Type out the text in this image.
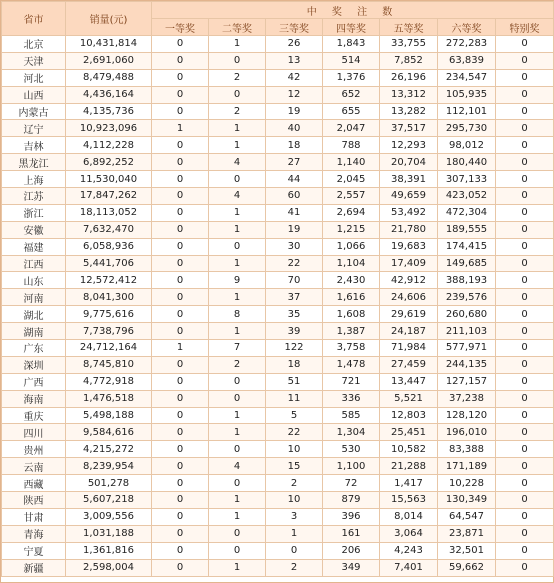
省市	销量(元)	中 奖 注 数						
		一等奖	二等奖	三等奖	四等奖	五等奖	六等奖	特别奖
北京	10,431,814	0	1	26	1,843	33,755	272,283	0
天津	2,691,060	0	0	13	514	7,852	63,839	0
河北	8,479,488	0	2	42	1,376	26,196	234,547	0
山西	4,436,164	0	0	12	652	13,312	105,935	0
内蒙古	4,135,736	0	2	19	655	13,282	112,101	0
辽宁	10,923,096	1	1	40	2,047	37,517	295,730	0
吉林	4,112,228	0	1	18	788	12,293	98,012	0
黑龙江	6,892,252	0	4	27	1,140	20,704	180,440	0
上海	11,530,040	0	0	44	2,045	38,391	307,133	0
江苏	17,847,262	0	4	60	2,557	49,659	423,052	0
浙江	18,113,052	0	1	41	2,694	53,492	472,304	0
安徽	7,632,470	0	1	19	1,215	21,780	189,555	0
福建	6,058,936	0	0	30	1,066	19,683	174,415	0
江西	5,441,706	0	1	22	1,104	17,409	149,685	0
山东	12,572,412	0	9	70	2,430	42,912	388,193	0
河南	8,041,300	0	1	37	1,616	24,606	239,576	0
湖北	9,775,616	0	8	35	1,608	29,619	260,680	0
湖南	7,738,796	0	1	39	1,387	24,187	211,103	0
广东	24,712,164	1	7	122	3,758	71,984	577,971	0
深圳	8,745,810	0	2	18	1,478	27,459	244,135	0
广西	4,772,918	0	0	51	721	13,447	127,157	0
海南	1,476,518	0	0	11	336	5,521	37,238	0
重庆	5,498,188	0	1	5	585	12,803	128,120	0
四川	9,584,616	0	1	22	1,304	25,451	196,010	0
贵州	4,215,272	0	0	10	530	10,582	83,388	0
云南	8,239,954	0	4	15	1,100	21,288	171,189	0
西藏	501,278	0	0	2	72	1,417	10,228	0
陕西	5,607,218	0	1	10	879	15,563	130,349	0
甘肃	3,009,556	0	1	3	396	8,014	64,547	0
青海	1,031,188	0	0	1	161	3,064	23,871	0
宁夏	1,361,816	0	0	0	206	4,243	32,501	0
新疆	2,598,004	0	1	2	349	7,401	59,662	0
